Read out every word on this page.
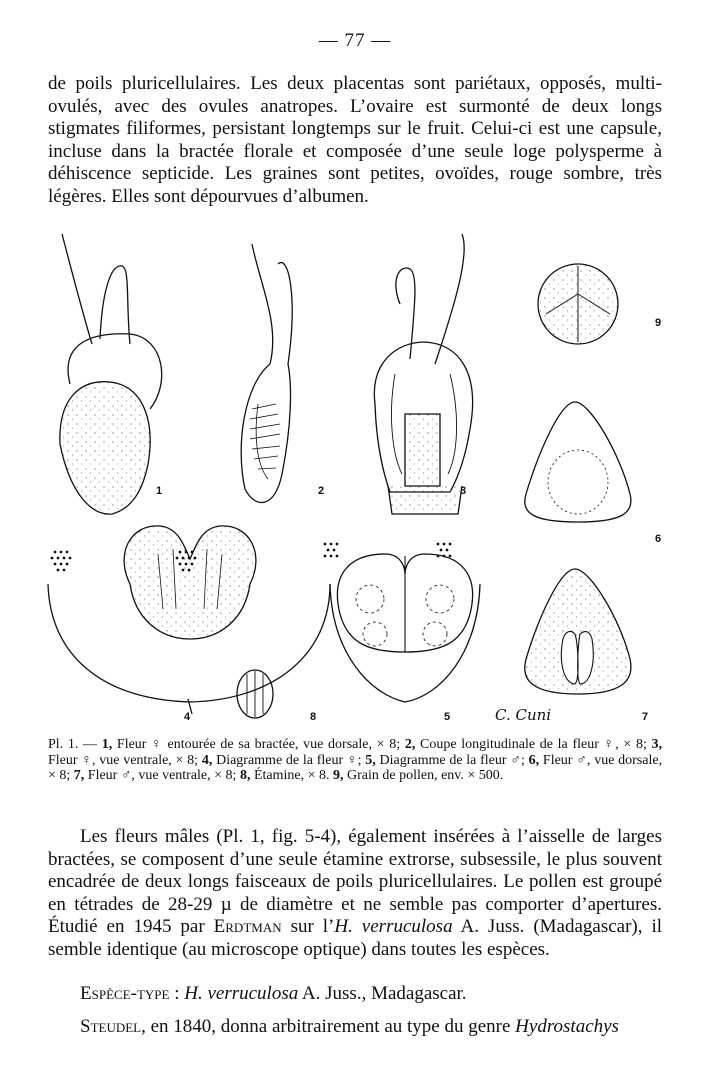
— 77 —

de poils pluricellulaires. Les deux placentas sont pariétaux, opposés, multi-ovulés, avec des ovules anatropes. L’ovaire est surmonté de deux longs stigmates filiformes, persistant longtemps sur le fruit. Celui-ci est une capsule, incluse dans la bractée florale et composée d’une seule loge polysperme à déhiscence septicide. Les graines sont petites, ovoïdes, rouge sombre, très légères. Elles sont dépourvues d’albumen.

1	2	3
9
6
4	8	5	7
C. Cuni

Pl. 1. — 1, Fleur ♀ entourée de sa bractée, vue dorsale, × 8; 2, Coupe longitudinale de la fleur ♀, × 8; 3, Fleur ♀, vue ventrale, × 8; 4, Diagramme de la fleur ♀; 5, Diagramme de la fleur ♂; 6, Fleur ♂, vue dorsale, × 8; 7, Fleur ♂, vue ventrale, × 8; 8, Étamine, × 8. 9, Grain de pollen, env. × 500.

Les fleurs mâles (Pl. 1, fig. 5-4), également insérées à l’aisselle de larges bractées, se composent d’une seule étamine extrorse, subsessile, le plus souvent encadrée de deux longs faisceaux de poils pluricellulaires. Le pollen est groupé en tétrades de 28-29 µ de diamètre et ne semble pas comporter d’apertures. Étudié en 1945 par Erdtman sur l’H. verruculosa A. Juss. (Madagascar), il semble identique (au microscope optique) dans toutes les espèces.

Espèce-type : H. verruculosa A. Juss., Madagascar.

Steudel, en 1840, donna arbitrairement au type du genre Hydrostachys
